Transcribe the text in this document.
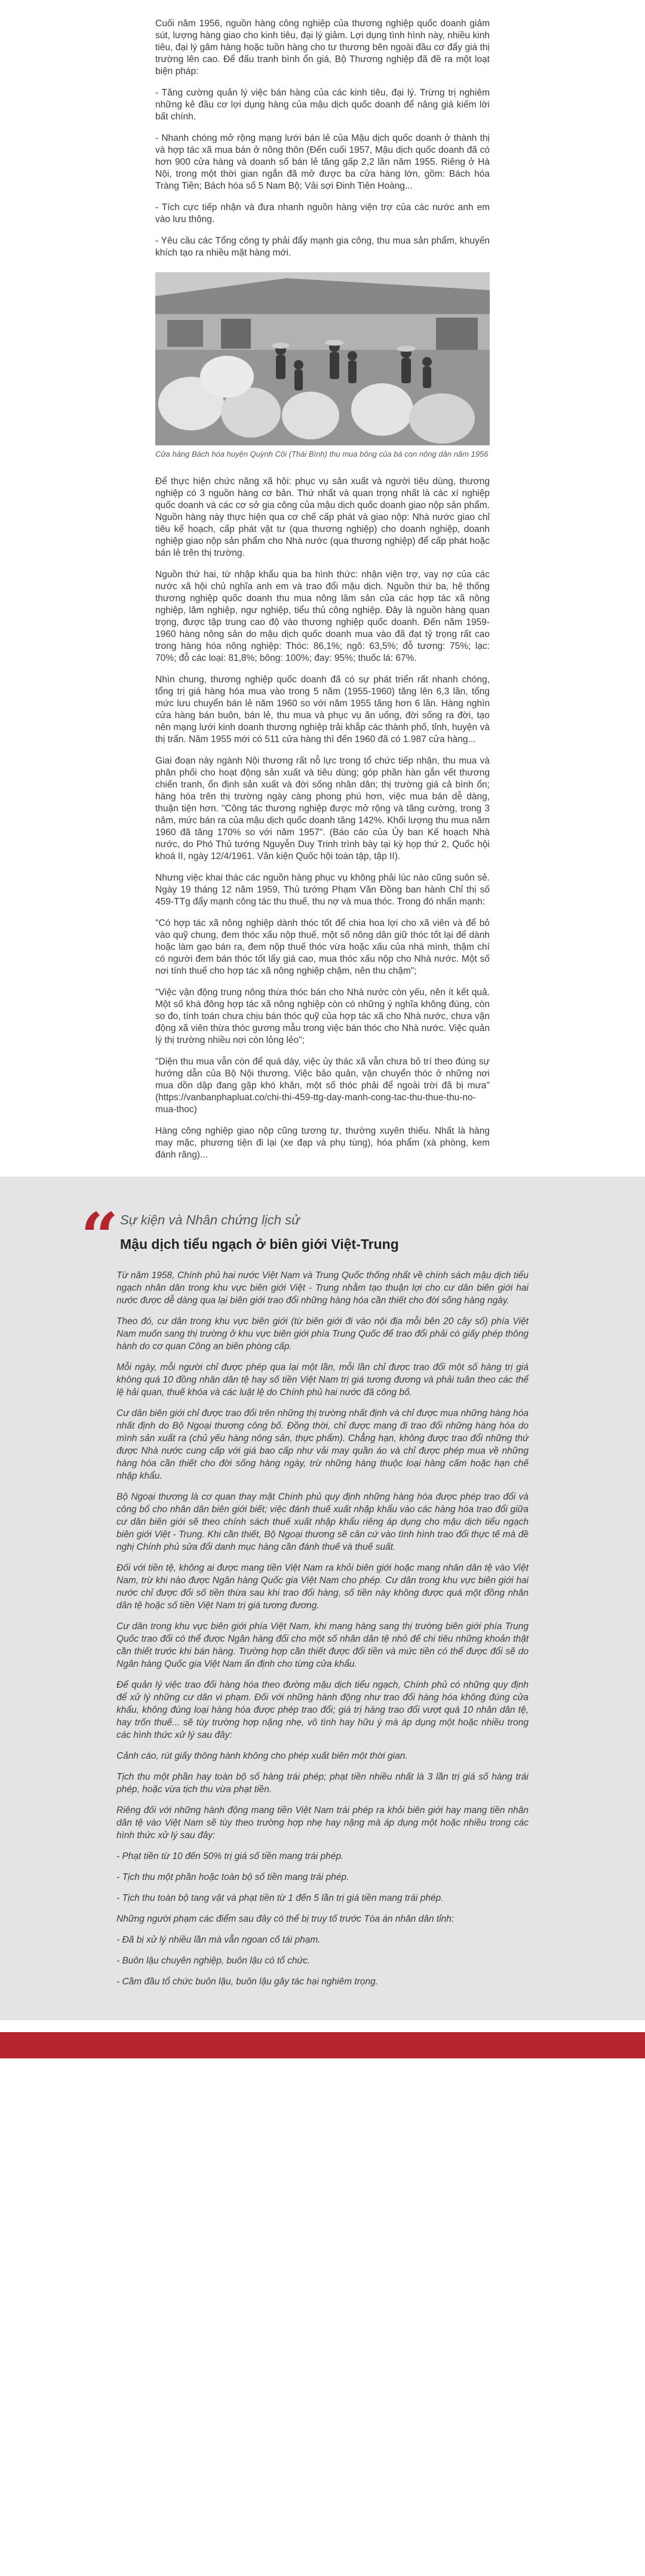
Cuối năm 1956, nguồn hàng công nghiệp của thương nghiệp quốc doanh giảm sút, lượng hàng giao cho kinh tiêu, đại lý giảm. Lợi dụng tình hình này, nhiều kinh tiêu, đại lý gâm hàng hoặc tuồn hàng cho tư thương bên ngoài đầu cơ đẩy giá thị trường lên cao. Để đấu tranh bình ổn giá, Bộ Thương nghiệp đã đề ra một loạt biện pháp:

- Tăng cường quản lý việc bán hàng của các kinh tiêu, đại lý. Trừng trị nghiêm những kẻ đầu cơ lợi dụng hàng của mậu dịch quốc doanh để nâng giá kiếm lời bất chính.

- Nhanh chóng mở rộng mạng lưới bán lẻ của Mậu dịch quốc doanh ở thành thị và hợp tác xã mua bán ở nông thôn (Đến cuối 1957, Mậu dịch quốc doanh đã có hơn 900 cửa hàng và doanh số bán lẻ tăng gấp 2,2 lần năm 1955. Riêng ở Hà Nội, trong một thời gian ngắn đã mở được ba cửa hàng lớn, gồm: Bách hóa Tràng Tiền; Bách hóa số 5 Nam Bộ; Vải sợi Đinh Tiên Hoàng...

- Tích cực tiếp nhận và đưa nhanh nguồn hàng viện trợ của các nước anh em vào lưu thông.

- Yêu cầu các Tổng công ty phải đẩy mạnh gia công, thu mua sản phẩm, khuyến khích tạo ra nhiều mặt hàng mới.

Cửa hàng Bách hóa huyện Quỳnh Côi (Thái Bình) thu mua bông của bà con nông dân năm 1956

Để thực hiện chức năng xã hội: phục vụ sản xuất và người tiêu dùng, thương nghiệp có 3 nguồn hàng cơ bản. Thứ nhất và quan trọng nhất là các xí nghiệp quốc doanh và các cơ sở gia công của mậu dịch quốc doanh giao nộp sản phẩm. Nguồn hàng này thực hiện qua cơ chế cấp phát và giao nộp: Nhà nước giao chỉ tiêu kế hoạch, cấp phát vật tư (qua thương nghiệp) cho doanh nghiệp, doanh nghiệp giao nộp sản phẩm cho Nhà nước (qua thương nghiệp) để cấp phát hoặc bán lẻ trên thị trường.

Nguồn thứ hai, từ nhập khẩu qua ba hình thức: nhận viện trợ, vay nợ của các nước xã hội chủ nghĩa anh em và trao đổi mậu dịch. Nguồn thứ ba, hệ thống thương nghiệp quốc doanh thu mua nông lâm sản của các hợp tác xã nông nghiệp, lâm nghiệp, ngư nghiệp, tiểu thủ công nghiệp. Đây là nguồn hàng quan trọng, được tập trung cao độ vào thương nghiệp quốc doanh. Đến năm 1959-1960 hàng nông sản do mậu dịch quốc doanh mua vào đã đạt tỷ trọng rất cao trong hàng hóa nông nghiệp: Thóc: 86,1%; ngô: 63,5%; đỗ tương: 75%; lạc: 70%; đỗ các loại: 81,8%; bông: 100%; đay: 95%; thuốc lá: 67%.

Nhìn chung, thương nghiệp quốc doanh đã có sự phát triển rất nhanh chóng, tổng trị giá hàng hóa mua vào trong 5 năm (1955-1960) tăng lên 6,3 lần, tổng mức lưu chuyển bán lẻ năm 1960 so với năm 1955 tăng hơn 6 lần. Hàng nghìn cửa hàng bán buôn, bán lẻ, thu mua và phục vụ ăn uống, đời sống ra đời, tạo nên mạng lưới kinh doanh thương nghiệp trải khắp các thành phố, tỉnh, huyện và thị trấn. Năm 1955 mới có 511 cửa hàng thì đến 1960 đã có 1.987 cửa hàng...

Giai đoạn này ngành Nội thương rất nỗ lực trong tổ chức tiếp nhận, thu mua và phân phối cho hoạt động sản xuất và tiêu dùng; góp phần hàn gắn vết thương chiến tranh, ổn định sản xuất và đời sống nhân dân; thị trường giá cả bình ổn; hàng hóa trên thị trường ngày càng phong phú hơn, việc mua bán dễ dàng, thuận tiện hơn. "Công tác thương nghiệp được mở rộng và tăng cường, trong 3 năm, mức bán ra của mậu dịch quốc doanh tăng 142%. Khối lượng thu mua năm 1960 đã tăng 170% so với năm 1957". (Báo cáo của Ủy ban Kế hoạch Nhà nước, do Phó Thủ tướng Nguyễn Duy Trinh trình bày tại kỳ họp thứ 2, Quốc hội khoá II, ngày 12/4/1961. Văn kiện Quốc hội toàn tập, tập II).

Nhưng việc khai thác các nguồn hàng phục vụ không phải lúc nào cũng suôn sẻ. Ngày 19 tháng 12 năm 1959, Thủ tướng Phạm Văn Đồng ban hành Chỉ thị số 459-TTg đẩy mạnh công tác thu thuế, thu nợ và mua thóc. Trong đó nhấn mạnh:

"Có hợp tác xã nông nghiệp dành thóc tốt để chia hoa lợi cho xã viên và để bỏ vào quỹ chung, đem thóc xấu nộp thuế, một số nông dân giữ thóc tốt lại để dành hoặc làm gạo bán ra, đem nộp thuế thóc vừa hoặc xấu của nhà mình, thậm chí có người đem bán thóc tốt lấy giá cao, mua thóc xấu nộp cho Nhà nước. Một số nơi tính thuế cho hợp tác xã nông nghiệp chậm, nên thu chậm";

"Việc vận động trung nông thừa thóc bán cho Nhà nước còn yếu, nên ít kết quả. Một số khá đông hợp tác xã nông nghiệp còn có những ý nghĩa không đúng, còn so đo, tính toán chưa chịu bán thóc quỹ của hợp tác xã cho Nhà nước, chưa vận động xã viên thừa thóc gương mẫu trong việc bán thóc cho Nhà nước. Việc quản lý thị trường nhiều nơi còn lỏng lẻo";

"Diện thu mua vẫn còn để quá dày, việc ủy thác xã vẫn chưa bỏ trí theo đúng sự hướng dẫn của Bộ Nội thương. Việc bảo quản, vận chuyển thóc ở những nơi mua dồn dập đang gặp khó khăn, một số thóc phải để ngoài trời đã bị mưa" (https://vanbanphapluat.co/chi-thi-459-ttg-day-manh-cong-tac-thu-thue-thu-no-mua-thoc)

Hàng công nghiệp giao nộp cũng tương tự, thường xuyên thiếu. Nhất là hàng may mặc, phương tiện đi lại (xe đạp và phụ tùng), hóa phẩm (xà phòng, kem đánh răng)...

“ Sự kiện và Nhân chứng lịch sử
Mậu dịch tiểu ngạch ở biên giới Việt-Trung

Từ năm 1958, Chính phủ hai nước Việt Nam và Trung Quốc thống nhất về chính sách mậu dịch tiểu ngạch nhân dân trong khu vực biên giới Việt - Trung nhằm tạo thuận lợi cho cư dân biên giới hai nước được dễ dàng qua lại biên giới trao đổi những hàng hóa cần thiết cho đời sống hàng ngày.

Theo đó, cư dân trong khu vực biên giới (từ biên giới đi vào nội địa mỗi bên 20 cây số) phía Việt Nam muốn sang thị trường ở khu vực biên giới phía Trung Quốc để trao đổi phải có giấy phép thông hành do cơ quan Công an biên phòng cấp.

Mỗi ngày, mỗi người chỉ được phép qua lại một lần, mỗi lần chỉ được trao đổi một số hàng trị giá không quá 10 đồng nhân dân tệ hay số tiền Việt Nam trị giá tương đương và phải tuân theo các thể lệ hải quan, thuế khóa và các luật lệ do Chính phủ hai nước đã công bố.

Cư dân biên giới chỉ được trao đổi trên những thị trường nhất định và chỉ được mua những hàng hóa nhất định do Bộ Ngoại thương công bố. Đồng thời, chỉ được mang đi trao đổi những hàng hóa do mình sản xuất ra (chủ yếu hàng nông sản, thực phẩm). Chẳng hạn, không được trao đổi những thứ được Nhà nước cung cấp với giá bao cấp như vải may quần áo và chỉ được phép mua về những hàng hóa cần thiết cho đời sống hàng ngày, trừ những hàng thuộc loại hàng cấm hoặc hạn chế nhập khẩu.

Bộ Ngoại thương là cơ quan thay mặt Chính phủ quy định những hàng hóa được phép trao đổi và công bố cho nhân dân biên giới biết; việc đánh thuế xuất nhập khẩu vào các hàng hóa trao đổi giữa cư dân biên giới sẽ theo chính sách thuế xuất nhập khẩu riêng áp dụng cho mậu dịch tiểu ngạch biên giới Việt - Trung. Khi cần thiết, Bộ Ngoại thương sẽ cân cứ vào tình hình trao đổi thực tế mà đề nghị Chính phủ sửa đổi danh mục hàng cần đánh thuế và thuế suất.

Đối với tiền tệ, không ai được mang tiền Việt Nam ra khỏi biên giới hoặc mang nhân dân tệ vào Việt Nam, trừ khi nào được Ngân hàng Quốc gia Việt Nam cho phép. Cư dân trong khu vực biên giới hai nước chỉ được đổi số tiền thừa sau khi trao đổi hàng, số tiền này không được quá một đồng nhân dân tệ hoặc số tiền Việt Nam trị giá tương đương.

Cư dân trong khu vực biên giới phía Việt Nam, khi mang hàng sang thị trường biên giới phía Trung Quốc trao đổi có thể được Ngân hàng đổi cho một số nhân dân tệ nhỏ để chi tiêu những khoản thật cần thiết trước khi bán hàng. Trường hợp cần thiết được đổi tiền và mức tiền có thể được đổi sẽ do Ngân hàng Quốc gia Việt Nam ấn định cho từng cửa khẩu.

Để quản lý việc trao đổi hàng hóa theo đường mậu dịch tiểu ngạch, Chính phủ có những quy định để xử lý những cư dân vi phạm. Đối với những hành động như trao đổi hàng hóa không đúng cửa khẩu, không đúng loại hàng hóa được phép trao đổi; giá trị hàng trao đổi vượt quá 10 nhân dân tệ, hay trốn thuế... sẽ tùy trường hợp nặng nhẹ, vô tình hay hữu ý mà áp dụng một hoặc nhiều trong các hình thức xử lý sau đây:

Cảnh cáo, rút giấy thông hành không cho phép xuất biên một thời gian.

Tịch thu một phần hay toàn bộ số hàng trái phép; phạt tiền nhiều nhất là 3 lần trị giá số hàng trái phép, hoặc vừa tịch thu vừa phạt tiền.

Riêng đối với những hành động mang tiền Việt Nam trái phép ra khỏi biên giới hay mang tiền nhân dân tệ vào Việt Nam sẽ tùy theo trường hợp nhẹ hay nặng mà áp dụng một hoặc nhiều trong các hình thức xử lý sau đây:

- Phạt tiền từ 10 đến 50% trị giá số tiền mang trái phép.

- Tịch thu một phần hoặc toàn bộ số tiền mang trái phép.

- Tịch thu toàn bộ tang vật và phạt tiền từ 1 đến 5 lần trị giá tiền mang trái phép.

Những người phạm các điểm sau đây có thể bị truy tố trước Tòa án nhân dân tỉnh:

- Đã bị xử lý nhiều lần mà vẫn ngoan cố tái phạm.

- Buôn lậu chuyên nghiệp, buôn lậu có tổ chức.

- Cầm đầu tổ chức buôn lậu, buôn lậu gây tác hại nghiêm trọng.
